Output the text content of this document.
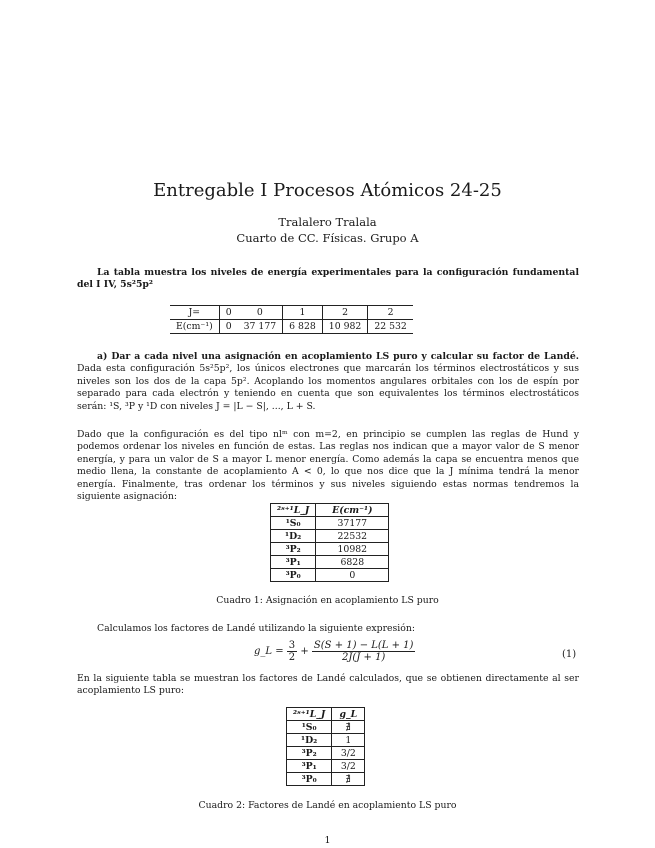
Entregable I Procesos Atómicos 24-25
Tralalero Tralala
Cuarto de CC. Físicas. Grupo A
La tabla muestra los niveles de energía experimentales para la configuración fundamental del I IV, 5s²5p²
J=	0	0	1	2	2
E(cm⁻¹)	0	37 177	6 828	10 982	22 532
a) Dar a cada nivel una asignación en acoplamiento LS puro y calcular su factor de Landé. Dada esta configuración 5s²5p², los únicos electrones que marcarán los términos electrostáticos y sus niveles son los dos de la capa 5p². Acoplando los momentos angulares orbitales con los de espín por separado para cada electrón y teniendo en cuenta que son equivalentes los términos electrostáticos serán: ¹S, ³P y ¹D con niveles J = |L − S|, ..., L + S.
Dado que la configuración es del tipo nlᵐ con m=2, en principio se cumplen las reglas de Hund y podemos ordenar los niveles en función de estas. Las reglas nos indican que a mayor valor de S menor energía, y para un valor de S a mayor L menor energía. Como además la capa se encuentra menos que medio llena, la constante de acoplamiento A < 0, lo que nos dice que la J mínima tendrá la menor energía. Finalmente, tras ordenar los términos y sus niveles siguiendo estas normas tendremos la siguiente asignación:
²ˢ⁺¹L_J	E(cm⁻¹)
¹S₀	37177
¹D₂	22532
³P₂	10982
³P₁	6828
³P₀	0
Cuadro 1: Asignación en acoplamiento LS puro
Calculamos los factores de Landé utilizando la siguiente expresión:
g_L = $\frac{3}{2} + \frac{S(S + 1) - L(L + 1)}{2J(J + 1)}$	(1)
En la siguiente tabla se muestran los factores de Landé calculados, que se obtienen directamente al ser acoplamiento LS puro:
²ˢ⁺¹L_J	g_L
¹S₀	∄
¹D₂	1
³P₂	3/2
³P₁	3/2
³P₀	∄
Cuadro 2: Factores de Landé en acoplamiento LS puro
1
